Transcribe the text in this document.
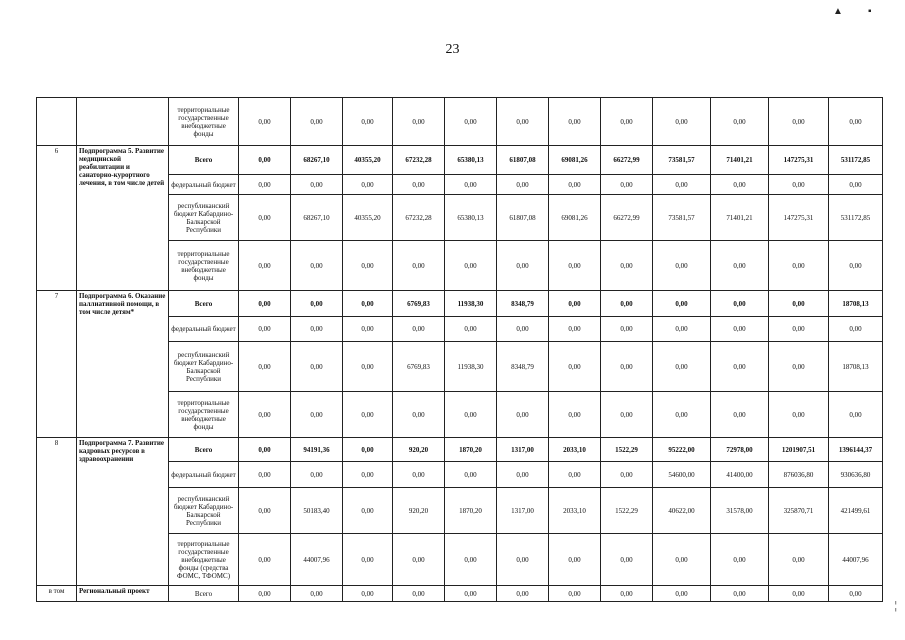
23
▲	▪
		территориальные государственные внебюджетные фонды	0,00	0,00	0,00	0,00	0,00	0,00	0,00	0,00	0,00	0,00	0,00	0,00
6	Подпрограмма 5. Развитие медицинской реабилитации и санаторно-курортного лечения, в том числе детей	Всего	0,00	68267,10	40355,20	67232,28	65380,13	61807,08	69081,26	66272,99	73581,57	71401,21	147275,31	531172,85
		федеральный бюджет	0,00	0,00	0,00	0,00	0,00	0,00	0,00	0,00	0,00	0,00	0,00	0,00
		республиканский бюджет Кабардино-Балкарской Республики	0,00	68267,10	40355,20	67232,28	65380,13	61807,08	69081,26	66272,99	73581,57	71401,21	147275,31	531172,85
		территориальные государственные внебюджетные фонды	0,00	0,00	0,00	0,00	0,00	0,00	0,00	0,00	0,00	0,00	0,00	0,00
7	Подпрограмма 6. Оказание паллиативной помощи, в том числе детям*	Всего	0,00	0,00	0,00	6769,83	11938,30	8348,79	0,00	0,00	0,00	0,00	0,00	18708,13
		федеральный бюджет	0,00	0,00	0,00	0,00	0,00	0,00	0,00	0,00	0,00	0,00	0,00	0,00
		республиканский бюджет Кабардино-Балкарской Республики	0,00	0,00	0,00	6769,83	11938,30	8348,79	0,00	0,00	0,00	0,00	0,00	18708,13
		территориальные государственные внебюджетные фонды	0,00	0,00	0,00	0,00	0,00	0,00	0,00	0,00	0,00	0,00	0,00	0,00
8	Подпрограмма 7. Развитие кадровых ресурсов в здравоохранении	Всего	0,00	94191,36	0,00	920,20	1870,20	1317,00	2033,10	1522,29	95222,00	72978,00	1201907,51	1396144,37
		федеральный бюджет	0,00	0,00	0,00	0,00	0,00	0,00	0,00	0,00	54600,00	41400,00	876036,80	930636,80
		республиканский бюджет Кабардино-Балкарской Республики	0,00	50183,40	0,00	920,20	1870,20	1317,00	2033,10	1522,29	40622,00	31578,00	325870,71	421499,61
		территориальные государственные внебюджетные фонды (средства ФОМС, ТФОМС)	0,00	44007,96	0,00	0,00	0,00	0,00	0,00	0,00	0,00	0,00	0,00	44007,96
в том	Региональный проект	Всего	0,00	0,00	0,00	0,00	0,00	0,00	0,00	0,00	0,00	0,00	0,00	0,00
¦
